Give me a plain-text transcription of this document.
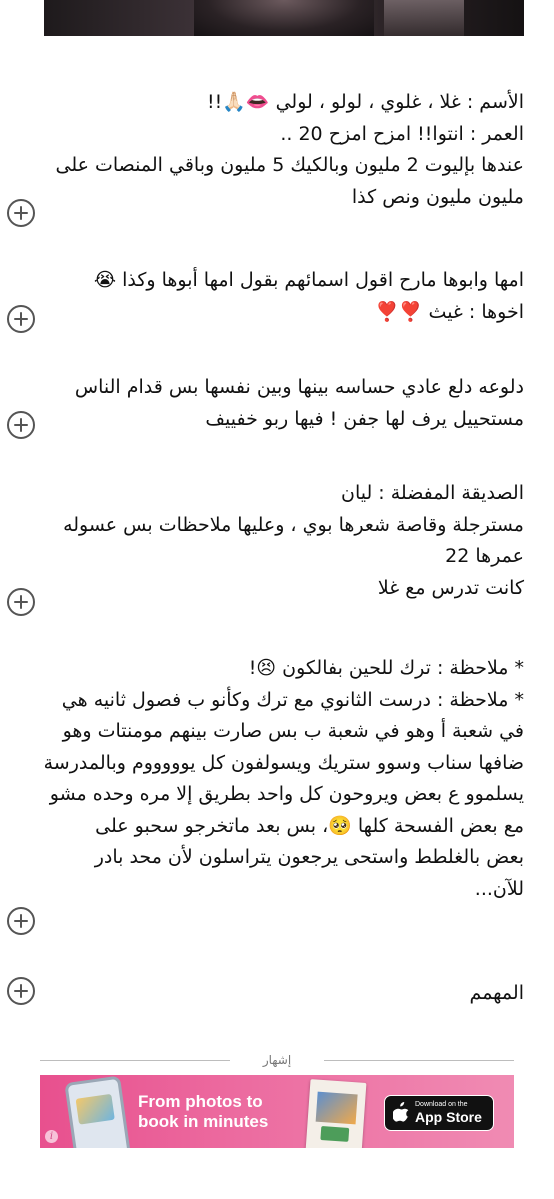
الأسم : غلا ، غلوي ، لولو ، لولي 👄🙏🏻!!
العمر : انتوا!! امزح امزح 20 ..
عندها بإليوت 2 مليون وبالكيك 5 مليون وباقي المنصات على
مليون مليون ونص كذا
امها وابوها مارح اقول اسمائهم بقول امها أبوها وكذا 😭
اخوها : غيث ❣️❣️
دلوعه دلع عادي حساسه بينها وبين نفسها بس قدام الناس
مستحييل يرف لها جفن ! فيها ربو خفييف
الصديقة المفضلة : ليان
مسترجلة وقاصة شعرها بوي ، وعليها ملاحظات بس عسوله
عمرها 22
كانت تدرس مع غلا
* ملاحظة : ترك للحين بفالكون 😣!
* ملاحظة : درست الثانوي مع ترك وكأنو ب فصول ثانيه هي
في شعبة أ وهو في شعبة ب بس صارت بينهم مومنتات وهو
ضافها سناب وسوو ستريك ويسولفون كل يوووووم وبالمدرسة
يسلموو ع بعض ويروحون كل واحد بطريق إلا مره وحده مشو
مع بعض الفسحة كلها 🥺، بس بعد ماتخرجو سحبو على
بعض بالغلطط واستحى يرجعون يتراسلون لأن محد بادر
للآن...
المهمم
إشهار
i
From photos to
book in minutes
Download on the
App Store
